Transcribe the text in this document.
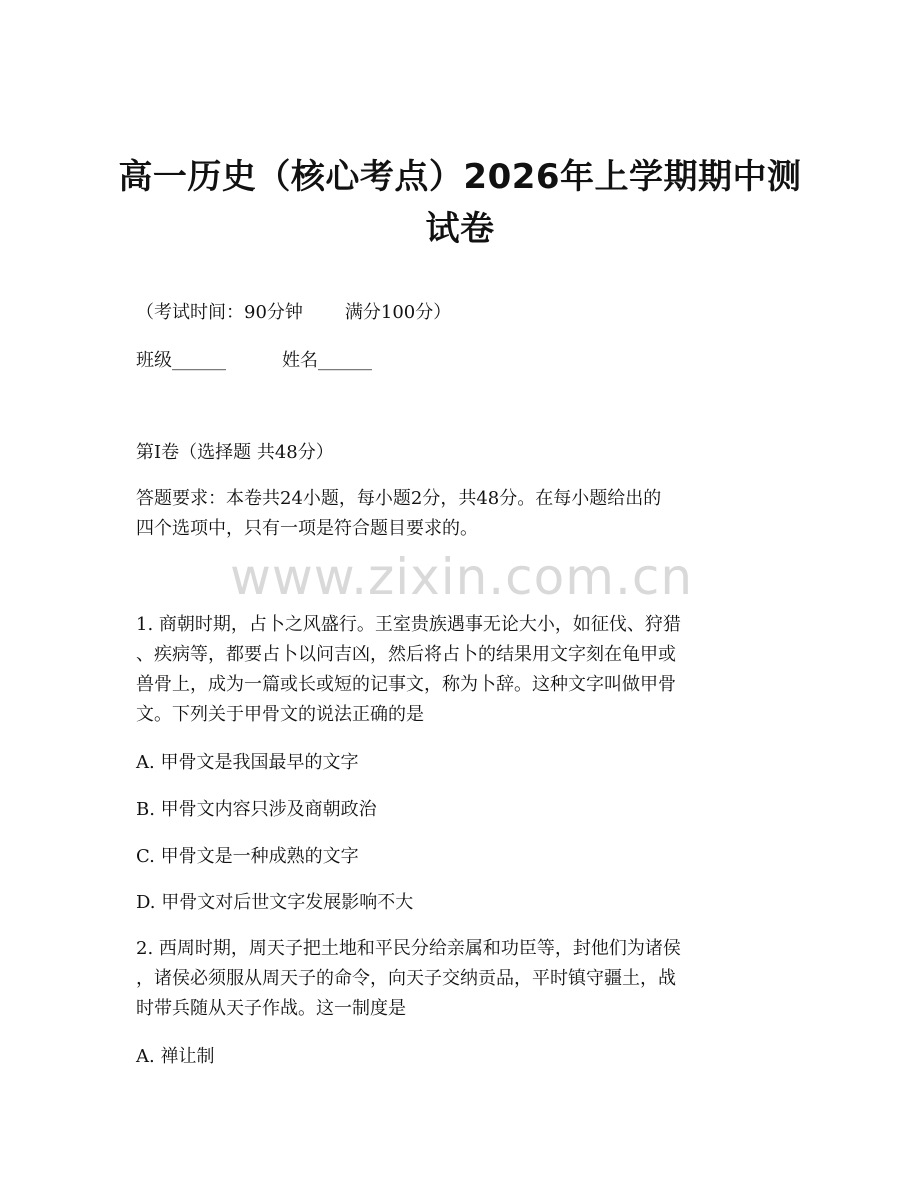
高一历史（核心考点）2026年上学期期中测
试卷
（考试时间：90分钟 满分100分）
班级______	姓名______
第Ⅰ卷（选择题 共48分）
答题要求：本卷共24小题，每小题2分，共48分。在每小题给出的
四个选项中，只有一项是符合题目要求的。
www.zixin.com.cn
1. 商朝时期，占卜之风盛行。王室贵族遇事无论大小，如征伐、狩猎
、疾病等，都要占卜以问吉凶，然后将占卜的结果用文字刻在龟甲或
兽骨上，成为一篇或长或短的记事文，称为卜辞。这种文字叫做甲骨
文。下列关于甲骨文的说法正确的是
A. 甲骨文是我国最早的文字
B. 甲骨文内容只涉及商朝政治
C. 甲骨文是一种成熟的文字
D. 甲骨文对后世文字发展影响不大
2. 西周时期，周天子把土地和平民分给亲属和功臣等，封他们为诸侯
，诸侯必须服从周天子的命令，向天子交纳贡品，平时镇守疆土，战
时带兵随从天子作战。这一制度是
A. 禅让制
